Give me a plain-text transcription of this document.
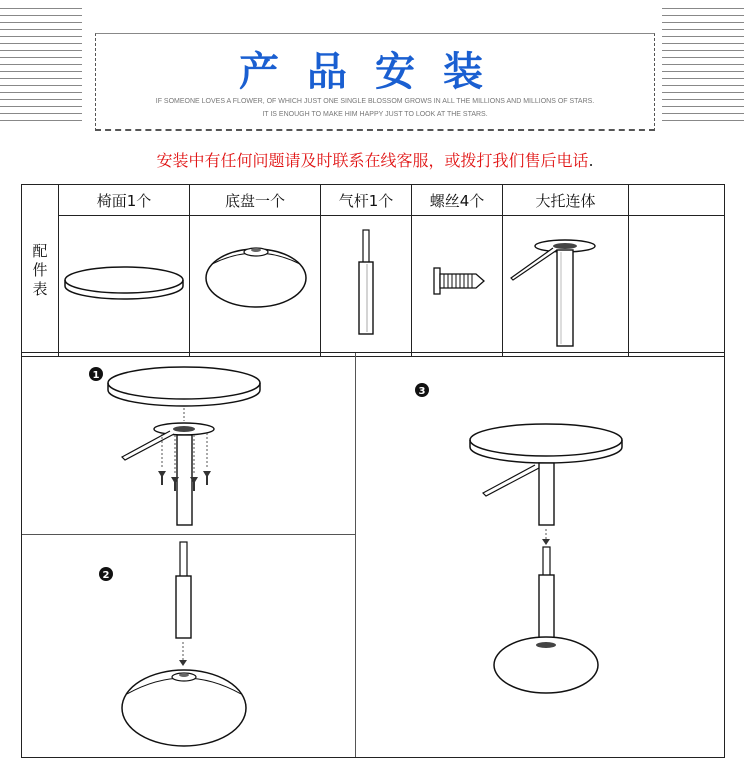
产品安装
IF SOMEONE LOVES A FLOWER, OF WHICH JUST ONE SINGLE BLOSSOM GROWS IN ALL THE MILLIONS AND MILLIONS OF STARS.
IT IS ENOUGH TO MAKE HIM HAPPY JUST TO LOOK AT THE STARS.
安装中有任何问题请及时联系在线客服，或拨打我们售后电话.
配
件
表	椅面1个	底盘一个	气杆1个	螺丝4个	大托连体	

1
2
3
